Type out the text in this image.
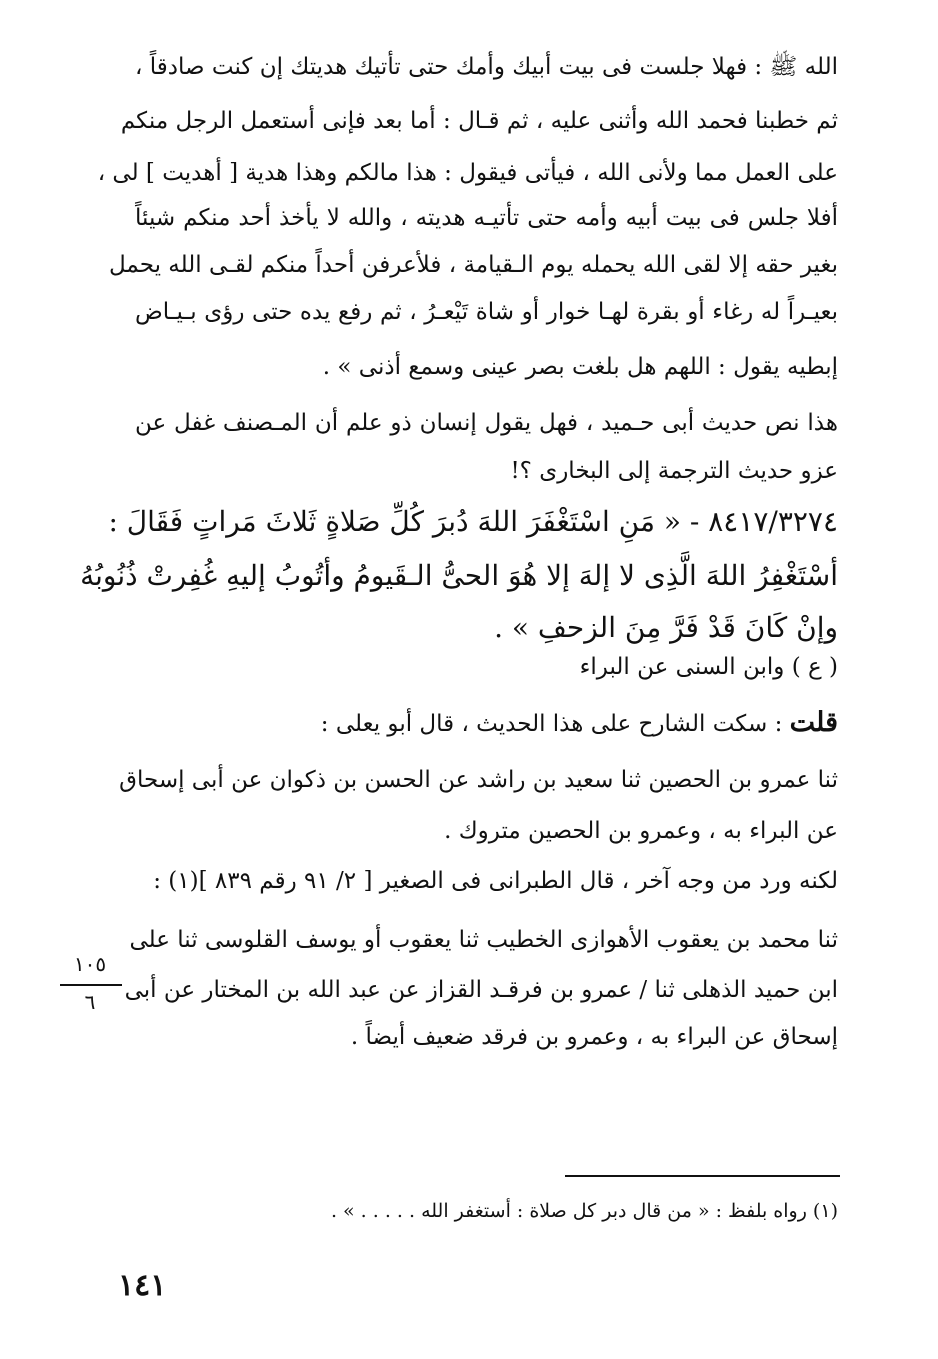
الله ﷺ : فهلا جلست فى بيت أبيك وأمك حتى تأتيك هديتك إن كنت صادقاً ،
ثم خطبنا فحمد الله وأثنى عليه ، ثم قـال : أما بعد فإنى أستعمل الرجل منكم
على العمل مما ولأنى الله ، فيأتى فيقول : هذا مالكم وهذا هدية [ أهديت ] لى ،
أفلا جلس فى بيت أبيه وأمه حتى تأتيـه هديته ، والله لا يأخذ أحد منكم شيئاً
بغير حقه إلا لقى الله يحمله يوم الـقيامة ، فلأعرفن أحداً منكم لقـى الله يحمل
بعيـراً له رغاء أو بقرة لهـا خوار أو شاة تَيْعـرُ ، ثم رفع يده حتى رؤى بـيـاض
إبطيه يقول : اللهم هل بلغت بصر عينى وسمع أذنى » .
هذا نص حديث أبى حـميد ، فهل يقول إنسان ذو علم أن المـصنف غفل عن
عزو حديث الترجمة إلى البخارى ؟!
٨٤١٧/٣٢٧٤ - « مَنِ اسْتَغْفَرَ اللهَ دُبرَ كُلِّ صَلاةٍ ثَلاثَ مَراتٍ فَقَالَ :
أسْتَغْفِرُ اللهَ الَّذِى لا إلهَ إلا هُوَ الحىُّ الـقَيومُ وأتُوبُ إليهِ غُفِرتْ ذُنُوبُهُ
وإنْ كَانَ قَدْ فَرَّ مِنَ الزحفِ » .
( ع ) وابن السنى عن البراء
قلت : سكت الشارح على هذا الحديث ، قال أبو يعلى :
ثنا عمرو بن الحصين ثنا سعيد بن راشد عن الحسن بن ذكوان عن أبى إسحاق
عن البراء به ، وعمرو بن الحصين متروك .
لكنه ورد من وجه آخر ، قال الطبرانى فى الصغير [ ٢/ ٩١ رقم ٨٣٩ ](١) :
ثنا محمد بن يعقوب الأهوازى الخطيب ثنا يعقوب أو يوسف القلوسى ثنا على
ابن حميد الذهلى ثنا / عمرو بن فرقـد القزاز عن عبد الله بن المختار عن أبى
إسحاق عن البراء به ، وعمرو بن فرقد ضعيف أيضاً .
١٠٥
٦
(١) رواه بلفظ : « من قال دبر كل صلاة : أستغفر الله . . . . . » .
١٤١
